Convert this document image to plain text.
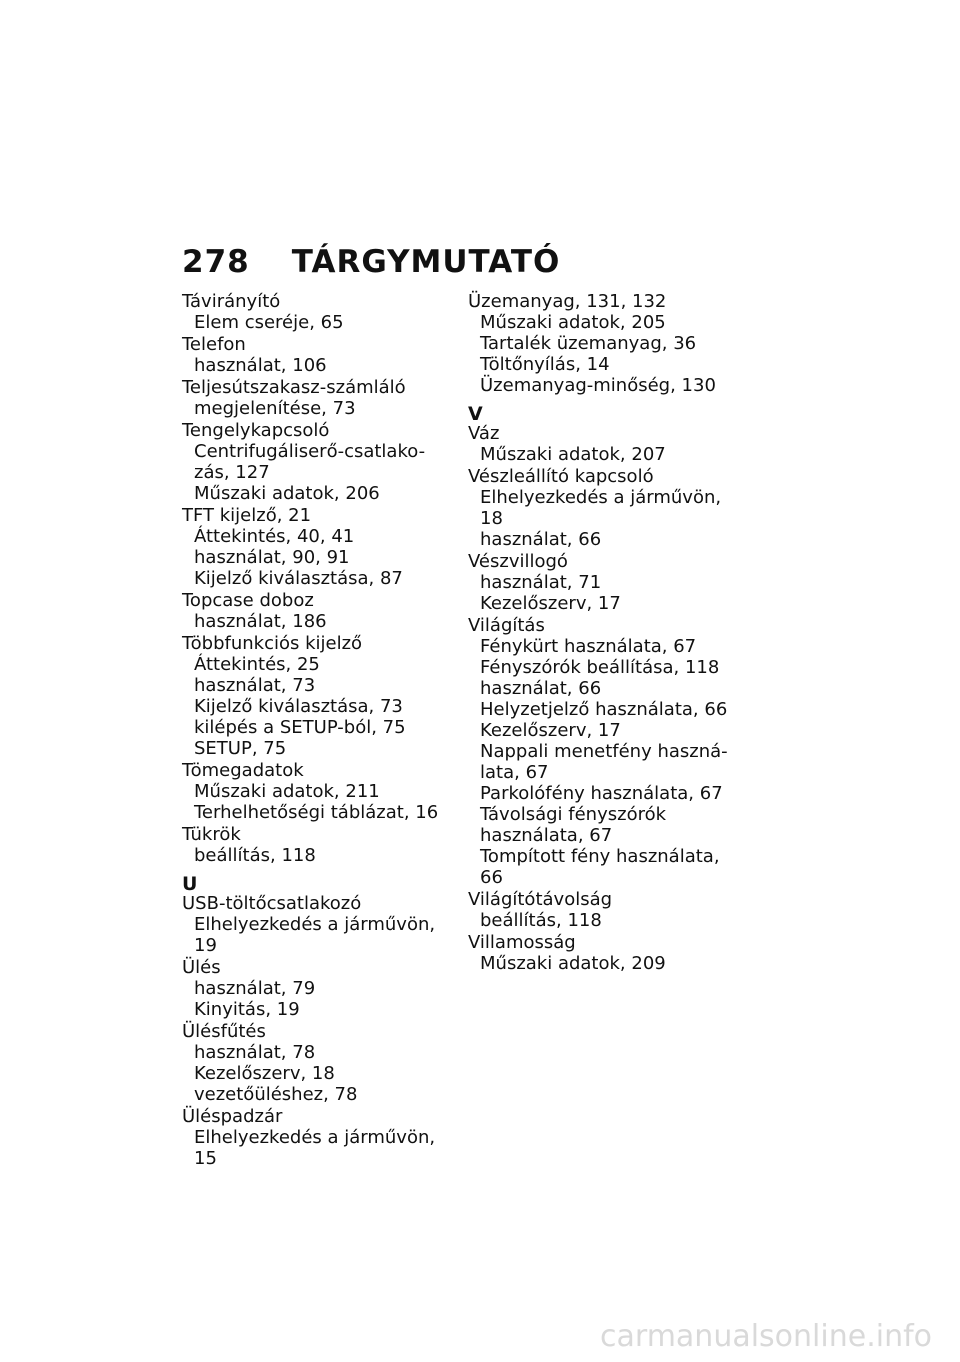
278 TÁRGYMUTATÓ
Távirányító
Elem cseréje, 65
Telefon
használat, 106
Teljesútszakasz-számláló
megjelenítése, 73
Tengelykapcsoló
Centrifugáliserő-csatlako-
zás, 127
Műszaki adatok, 206
TFT kijelző, 21
Áttekintés, 40, 41
használat, 90, 91
Kijelző kiválasztása, 87
Topcase doboz
használat, 186
Többfunkciós kijelző
Áttekintés, 25
használat, 73
Kijelző kiválasztása, 73
kilépés a SETUP-ból, 75
SETUP, 75
Tömegadatok
Műszaki adatok, 211
Terhelhetőségi táblázat, 16
Tükrök
beállítás, 118
U
USB-töltőcsatlakozó
Elhelyezkedés a járművön, 19
Ülés
használat, 79
Kinyitás, 19
Ülésfűtés
használat, 78
Kezelőszerv, 18
vezetőüléshez, 78
Üléspadzár
Elhelyezkedés a járművön, 15
Üzemanyag, 131, 132
Műszaki adatok, 205
Tartalék üzemanyag, 36
Töltőnyílás, 14
Üzemanyag-minőség, 130
V
Váz
Műszaki adatok, 207
Vészleállító kapcsoló
Elhelyezkedés a járművön, 18
használat, 66
Vészvillogó
használat, 71
Kezelőszerv, 17
Világítás
Fénykürt használata, 67
Fényszórók beállítása, 118
használat, 66
Helyzetjelző használata, 66
Kezelőszerv, 17
Nappali menetfény haszná-
lata, 67
Parkolófény használata, 67
Távolsági fényszórók
használata, 67
Tompított fény használata, 66
Világítótávolság
beállítás, 118
Villamosság
Műszaki adatok, 209
carmanualsonline.info
